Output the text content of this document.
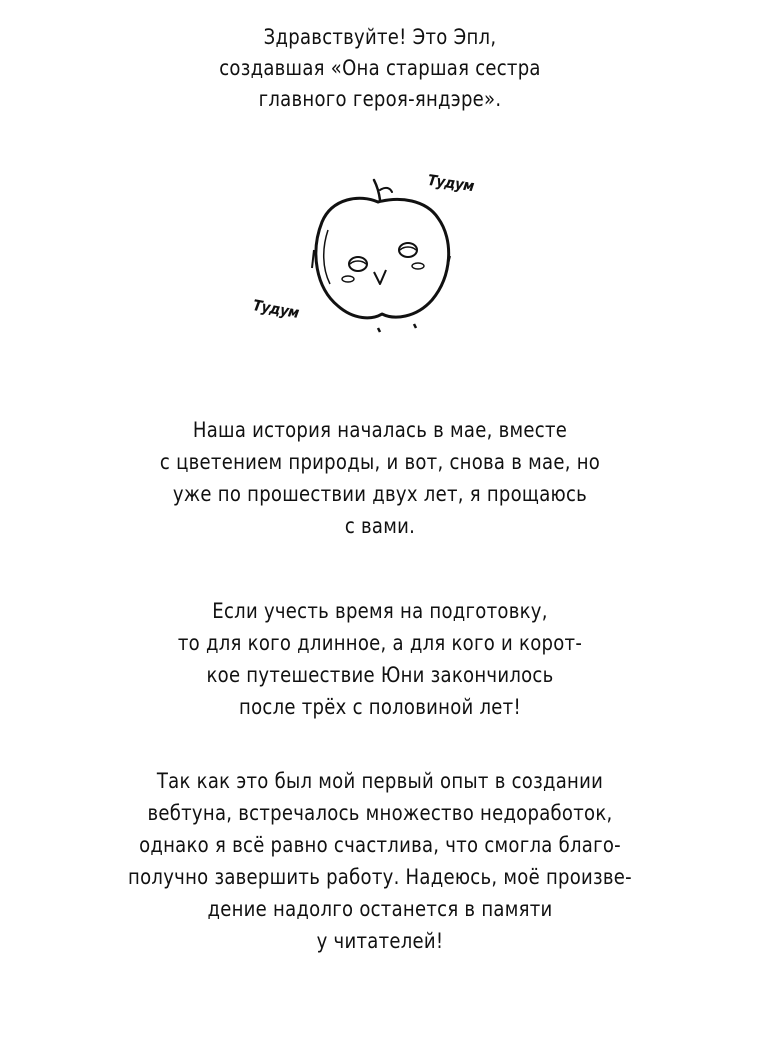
Здравствуйте! Это Эпл,
создавшая «Она старшая сестра
главного героя-яндэре».
Тудум
Тудум
Наша история началась в мае, вместе
с цветением природы, и вот, снова в мае, но
уже по прошествии двух лет, я прощаюсь
с вами.
Если учесть время на подготовку,
то для кого длинное, а для кого и корот-
кое путешествие Юни закончилось
после трёх с половиной лет!
Так как это был мой первый опыт в создании
вебтуна, встречалось множество недоработок,
однако я всё равно счастлива, что смогла благо-
получно завершить работу. Надеюсь, моё произве-
дение надолго останется в памяти
у читателей!
